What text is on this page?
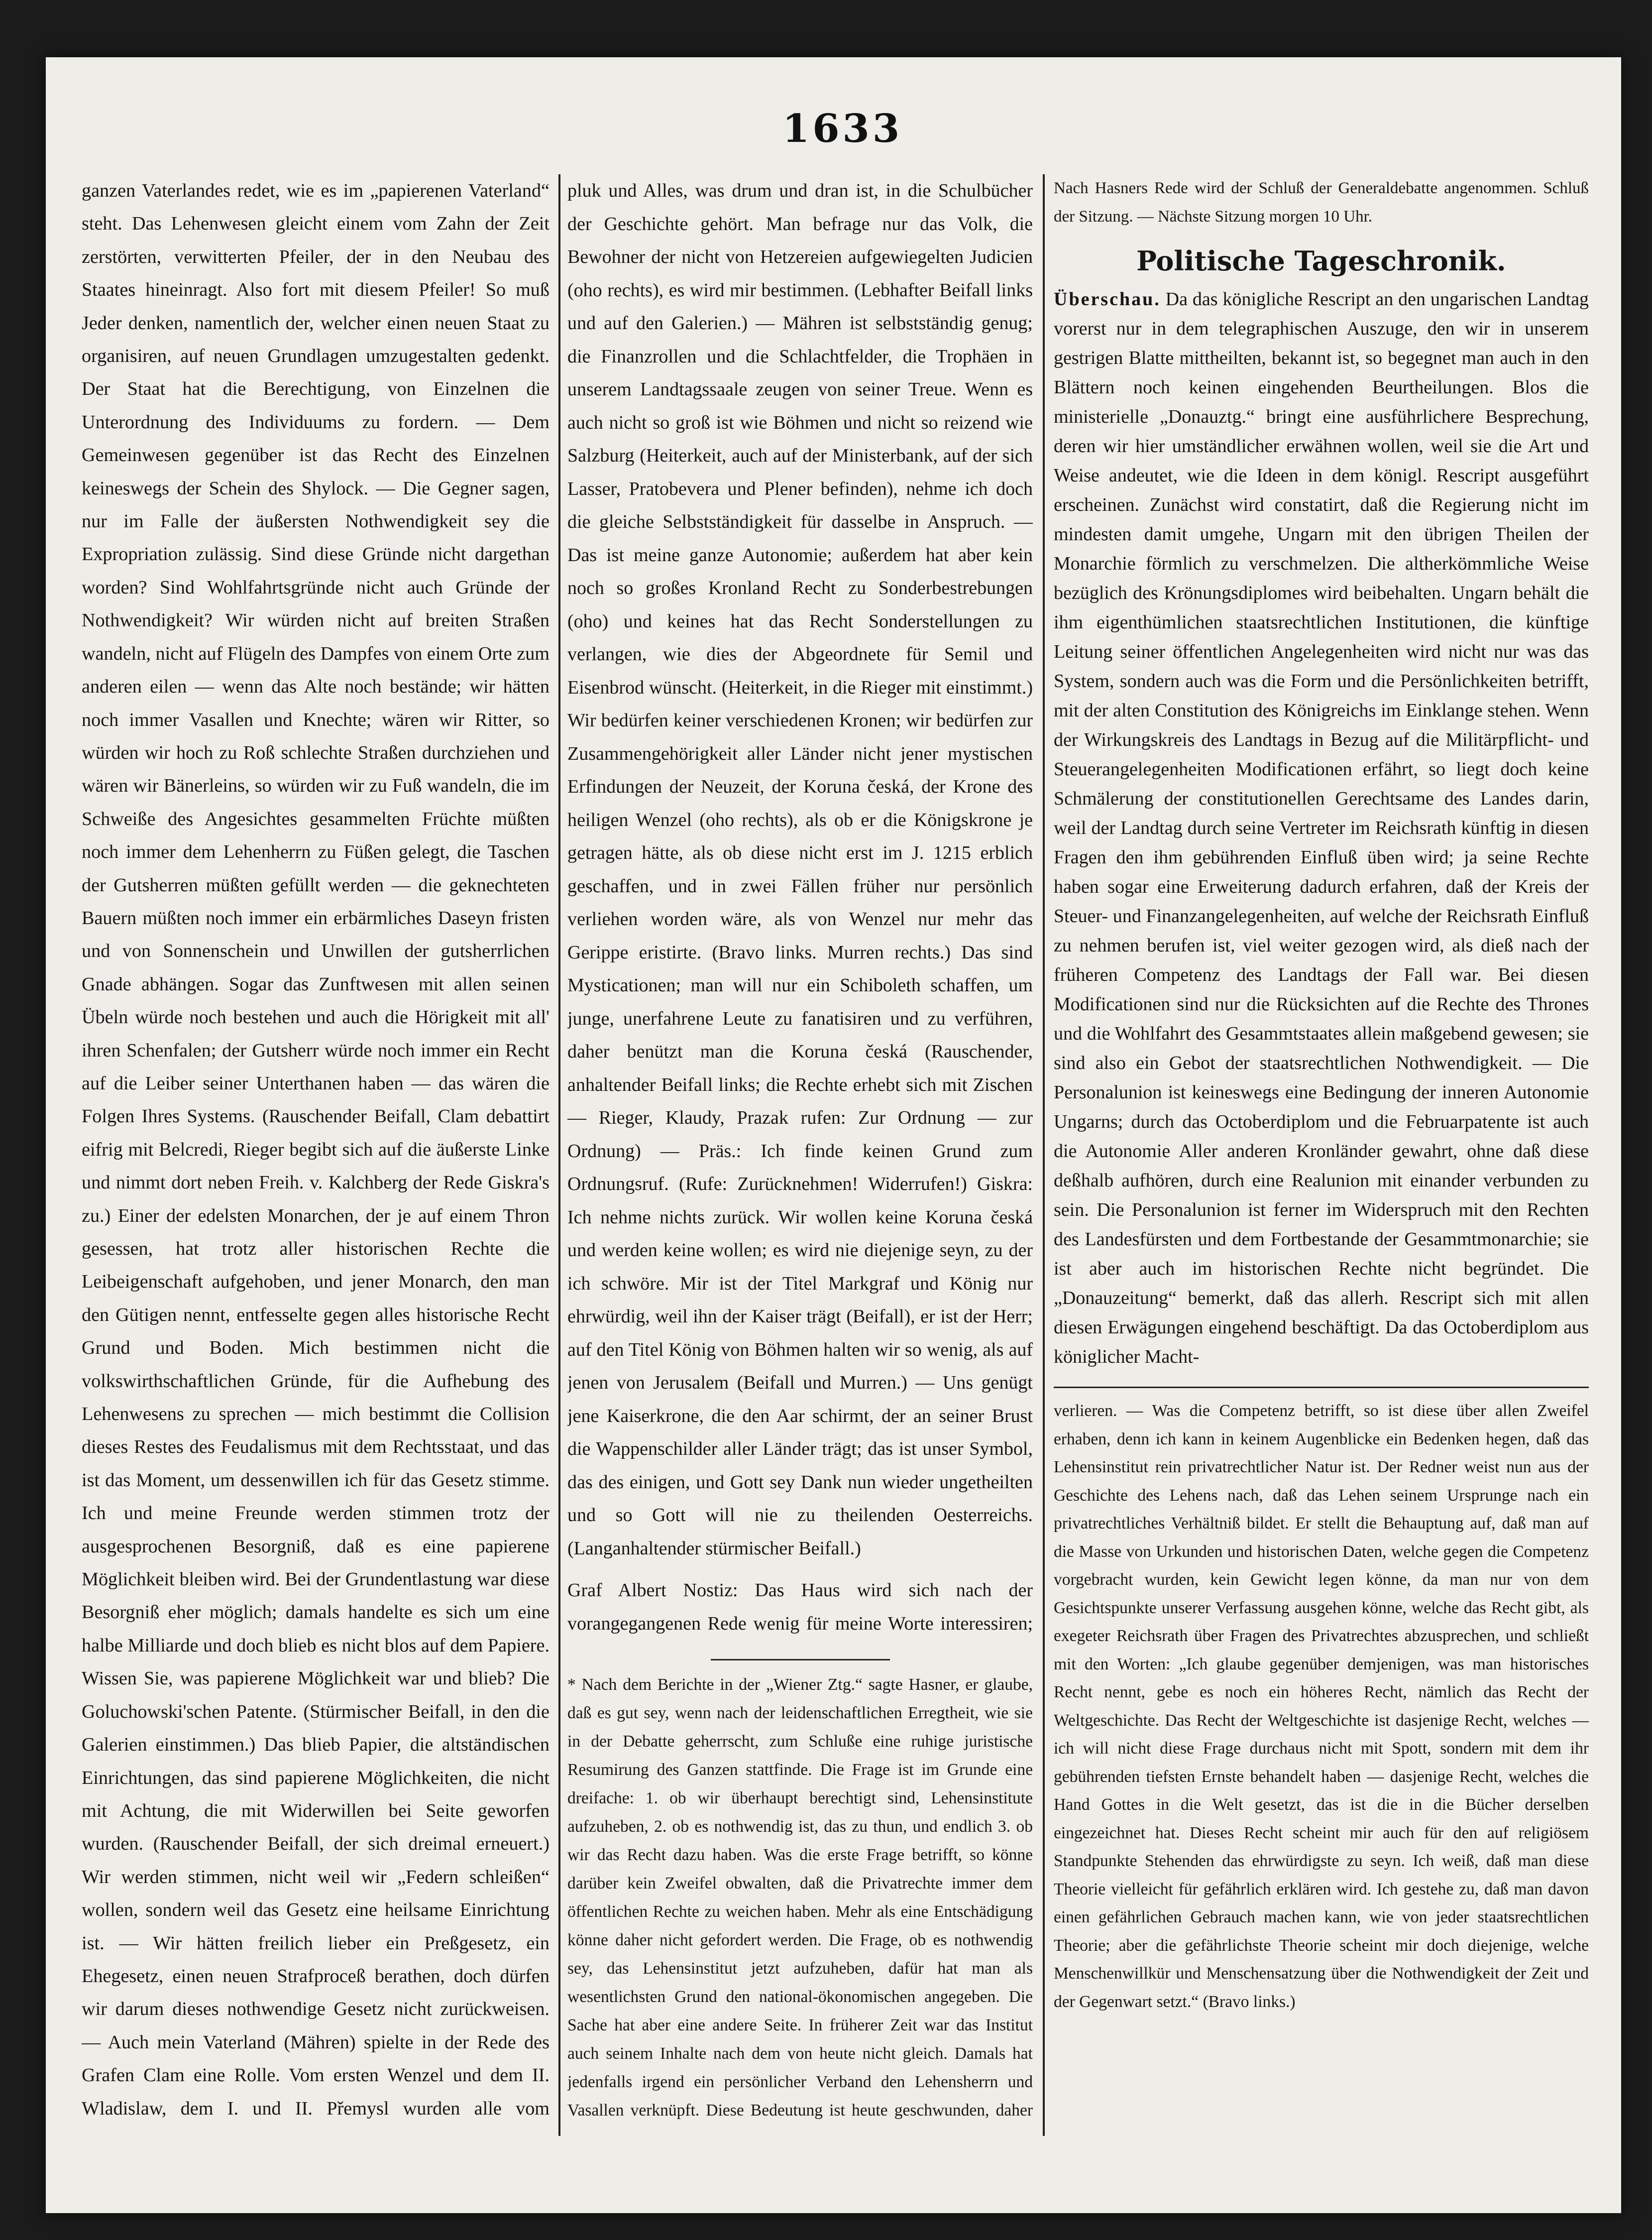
1633

ganzen Vaterlandes redet, wie es im „papierenen Vaterland“ steht. Das Lehenwesen gleicht einem vom Zahn der Zeit zerstörten, verwitterten Pfeiler, der in den Neubau des Staates hineinragt. Also fort mit diesem Pfeiler! So muß Jeder denken, namentlich der, welcher einen neuen Staat zu organisiren, auf neuen Grundlagen umzugestalten gedenkt. Der Staat hat die Berechtigung, von Einzelnen die Unterordnung des Individuums zu fordern. — Dem Gemeinwesen gegenüber ist das Recht des Einzelnen keineswegs der Schein des Shylock. — Die Gegner sagen, nur im Falle der äußersten Nothwendigkeit sey die Expropriation zulässig. Sind diese Gründe nicht dargethan worden? Sind Wohlfahrtsgründe nicht auch Gründe der Nothwendigkeit? Wir würden nicht auf breiten Straßen wandeln, nicht auf Flügeln des Dampfes von einem Orte zum anderen eilen — wenn das Alte noch bestände; wir hätten noch immer Vasallen und Knechte; wären wir Ritter, so würden wir hoch zu Roß schlechte Straßen durchziehen und wären wir Bänerleins, so würden wir zu Fuß wandeln, die im Schweiße des Angesichtes gesammelten Früchte müßten noch immer dem Lehenherrn zu Füßen gelegt, die Taschen der Gutsherren müßten gefüllt werden — die geknechteten Bauern müßten noch immer ein erbärmliches Daseyn fristen und von Sonnenschein und Unwillen der gutsherrlichen Gnade abhängen. Sogar das Zunftwesen mit allen seinen Übeln würde noch bestehen und auch die Hörigkeit mit all' ihren Schenfalen; der Gutsherr würde noch immer ein Recht auf die Leiber seiner Unterthanen haben — das wären die Folgen Ihres Systems. (Rauschender Beifall, Clam debattirt eifrig mit Belcredi, Rieger begibt sich auf die äußerste Linke und nimmt dort neben Freih. v. Kalchberg der Rede Giskra's zu.) Einer der edelsten Monarchen, der je auf einem Thron gesessen, hat trotz aller historischen Rechte die Leibeigenschaft aufgehoben, und jener Monarch, den man den Gütigen nennt, entfesselte gegen alles historische Recht Grund und Boden. Mich bestimmen nicht die volkswirthschaftlichen Gründe, für die Aufhebung des Lehenwesens zu sprechen — mich bestimmt die Collision dieses Restes des Feudalismus mit dem Rechtsstaat, und das ist das Moment, um dessenwillen ich für das Gesetz stimme. Ich und meine Freunde werden stimmen trotz der ausgesprochenen Besorgniß, daß es eine papierene Möglichkeit bleiben wird. Bei der Grundentlastung war diese Besorgniß eher möglich; damals handelte es sich um eine halbe Milliarde und doch blieb es nicht blos auf dem Papiere. Wissen Sie, was papierene Möglichkeit war und blieb? Die Goluchowski'schen Patente. (Stürmischer Beifall, in den die Galerien einstimmen.) Das blieb Papier, die altständischen Einrichtungen, das sind papierene Möglichkeiten, die nicht mit Achtung, die mit Widerwillen bei Seite geworfen wurden. (Rauschender Beifall, der sich dreimal erneuert.) Wir werden stimmen, nicht weil wir „Federn schleißen“ wollen, sondern weil das Gesetz eine heilsame Einrichtung ist. — Wir hätten freilich lieber ein Preßgesetz, ein Ehegesetz, einen neuen Strafproceß berathen, doch dürfen wir darum dieses nothwendige Gesetz nicht zurückweisen. — Auch mein Vaterland (Mähren) spielte in der Rede des Grafen Clam eine Rolle. Vom ersten Wenzel und dem II. Wladislaw, dem I. und II. Přemysl wurden alle vom

pluk und Alles, was drum und dran ist, in die Schulbücher der Geschichte gehört. Man befrage nur das Volk, die Bewohner der nicht von Hetzereien aufgewiegelten Judicien (oho rechts), es wird mir bestimmen. (Lebhafter Beifall links und auf den Galerien.) — Mähren ist selbstständig genug; die Finanzrollen und die Schlachtfelder, die Trophäen in unserem Landtagssaale zeugen von seiner Treue. Wenn es auch nicht so groß ist wie Böhmen und nicht so reizend wie Salzburg (Heiterkeit, auch auf der Ministerbank, auf der sich Lasser, Pratobevera und Plener befinden), nehme ich doch die gleiche Selbstständigkeit für dasselbe in Anspruch. — Das ist meine ganze Autonomie; außerdem hat aber kein noch so großes Kronland Recht zu Sonderbestrebungen (oho) und keines hat das Recht Sonderstellungen zu verlangen, wie dies der Abgeordnete für Semil und Eisenbrod wünscht. (Heiterkeit, in die Rieger mit einstimmt.) Wir bedürfen keiner verschiedenen Kronen; wir bedürfen zur Zusammengehörigkeit aller Länder nicht jener mystischen Erfindungen der Neuzeit, der Koruna česká, der Krone des heiligen Wenzel (oho rechts), als ob er die Königskrone je getragen hätte, als ob diese nicht erst im J. 1215 erblich geschaffen, und in zwei Fällen früher nur persönlich verliehen worden wäre, als von Wenzel nur mehr das Gerippe eristirte. (Bravo links. Murren rechts.) Das sind Mysticationen; man will nur ein Schiboleth schaffen, um junge, unerfahrene Leute zu fanatisiren und zu verführen, daher benützt man die Koruna česká (Rauschender, anhaltender Beifall links; die Rechte erhebt sich mit Zischen — Rieger, Klaudy, Prazak rufen: Zur Ordnung — zur Ordnung) — Präs.: Ich finde keinen Grund zum Ordnungsruf. (Rufe: Zurücknehmen! Widerrufen!) Giskra: Ich nehme nichts zurück. Wir wollen keine Koruna česká und werden keine wollen; es wird nie diejenige seyn, zu der ich schwöre. Mir ist der Titel Markgraf und König nur ehrwürdig, weil ihn der Kaiser trägt (Beifall), er ist der Herr; auf den Titel König von Böhmen halten wir so wenig, als auf jenen von Jerusalem (Beifall und Murren.) — Uns genügt jene Kaiserkrone, die den Aar schirmt, der an seiner Brust die Wappenschilder aller Länder trägt; das ist unser Symbol, das des einigen, und Gott sey Dank nun wieder ungetheilten und so Gott will nie zu theilenden Oesterreichs. (Langanhaltender stürmischer Beifall.)

Graf Albert Nostiz: Das Haus wird sich nach der vorangegangenen Rede wenig für meine Worte interessiren;

* Nach dem Berichte in der „Wiener Ztg.“ sagte Hasner, er glaube, daß es gut sey, wenn nach der leidenschaftlichen Erregtheit, wie sie in der Debatte geherrscht, zum Schluße eine ruhige juristische Resumirung des Ganzen stattfinde. Die Frage ist im Grunde eine dreifache: 1. ob wir überhaupt berechtigt sind, Lehensinstitute aufzuheben, 2. ob es nothwendig ist, das zu thun, und endlich 3. ob wir das Recht dazu haben. Was die erste Frage betrifft, so könne darüber kein Zweifel obwalten, daß die Privatrechte immer dem öffentlichen Rechte zu weichen haben. Mehr als eine Entschädigung könne daher nicht gefordert werden. Die Frage, ob es nothwendig sey, das Lehensinstitut jetzt aufzuheben, dafür hat man als wesentlichsten Grund den national-ökonomischen angegeben. Die Sache hat aber eine andere Seite. In früherer Zeit war das Institut auch seinem Inhalte nach dem von heute nicht gleich. Damals hat jedenfalls irgend ein persönlicher Verband den Lehensherrn und Vasallen verknüpft. Diese Bedeutung ist heute geschwunden, daher

Nach Hasners Rede wird der Schluß der Generaldebatte angenommen. Schluß der Sitzung. — Nächste Sitzung morgen 10 Uhr.

Politische Tageschronik.

Überschau. Da das königliche Rescript an den ungarischen Landtag vorerst nur in dem telegraphischen Auszuge, den wir in unserem gestrigen Blatte mittheilten, bekannt ist, so begegnet man auch in den Blättern noch keinen eingehenden Beurtheilungen. Blos die ministerielle „Donauztg.“ bringt eine ausführlichere Besprechung, deren wir hier umständlicher erwähnen wollen, weil sie die Art und Weise andeutet, wie die Ideen in dem königl. Rescript ausgeführt erscheinen. Zunächst wird constatirt, daß die Regierung nicht im mindesten damit umgehe, Ungarn mit den übrigen Theilen der Monarchie förmlich zu verschmelzen. Die altherkömmliche Weise bezüglich des Krönungsdiplomes wird beibehalten. Ungarn behält die ihm eigenthümlichen staatsrechtlichen Institutionen, die künftige Leitung seiner öffentlichen Angelegenheiten wird nicht nur was das System, sondern auch was die Form und die Persönlichkeiten betrifft, mit der alten Constitution des Königreichs im Einklange stehen. Wenn der Wirkungskreis des Landtags in Bezug auf die Militärpflicht- und Steuerangelegenheiten Modificationen erfährt, so liegt doch keine Schmälerung der constitutionellen Gerechtsame des Landes darin, weil der Landtag durch seine Vertreter im Reichsrath künftig in diesen Fragen den ihm gebührenden Einfluß üben wird; ja seine Rechte haben sogar eine Erweiterung dadurch erfahren, daß der Kreis der Steuer- und Finanzangelegenheiten, auf welche der Reichsrath Einfluß zu nehmen berufen ist, viel weiter gezogen wird, als dieß nach der früheren Competenz des Landtags der Fall war. Bei diesen Modificationen sind nur die Rücksichten auf die Rechte des Thrones und die Wohlfahrt des Gesammtstaates allein maßgebend gewesen; sie sind also ein Gebot der staatsrechtlichen Nothwendigkeit. — Die Personalunion ist keineswegs eine Bedingung der inneren Autonomie Ungarns; durch das Octoberdiplom und die Februarpatente ist auch die Autonomie Aller anderen Kronländer gewahrt, ohne daß diese deßhalb aufhören, durch eine Realunion mit einander verbunden zu sein. Die Personalunion ist ferner im Widerspruch mit den Rechten des Landesfürsten und dem Fortbestande der Gesammtmonarchie; sie ist aber auch im historischen Rechte nicht begründet. Die „Donauzeitung“ bemerkt, daß das allerh. Rescript sich mit allen diesen Erwägungen eingehend beschäftigt. Da das Octoberdiplom aus königlicher Macht-

verlieren. — Was die Competenz betrifft, so ist diese über allen Zweifel erhaben, denn ich kann in keinem Augenblicke ein Bedenken hegen, daß das Lehensinstitut rein privatrechtlicher Natur ist. Der Redner weist nun aus der Geschichte des Lehens nach, daß das Lehen seinem Ursprunge nach ein privatrechtliches Verhältniß bildet. Er stellt die Behauptung auf, daß man auf die Masse von Urkunden und historischen Daten, welche gegen die Competenz vorgebracht wurden, kein Gewicht legen könne, da man nur von dem Gesichtspunkte unserer Verfassung ausgehen könne, welche das Recht gibt, als exegeter Reichsrath über Fragen des Privatrechtes abzusprechen, und schließt mit den Worten: „Ich glaube gegenüber demjenigen, was man historisches Recht nennt, gebe es noch ein höheres Recht, nämlich das Recht der Weltgeschichte. Das Recht der Weltgeschichte ist dasjenige Recht, welches — ich will nicht diese Frage durchaus nicht mit Spott, sondern mit dem ihr gebührenden tiefsten Ernste behandelt haben — dasjenige Recht, welches die Hand Gottes in die Welt gesetzt, das ist die in die Bücher derselben eingezeichnet hat. Dieses Recht scheint mir auch für den auf religiösem Standpunkte Stehenden das ehrwürdigste zu seyn. Ich weiß, daß man diese Theorie vielleicht für gefährlich erklären wird. Ich gestehe zu, daß man davon einen gefährlichen Gebrauch machen kann, wie von jeder staatsrechtlichen Theorie; aber die gefährlichste Theorie scheint mir doch diejenige, welche Menschenwillkür und Menschensatzung über die Nothwendigkeit der Zeit und der Gegenwart setzt.“ (Bravo links.)
